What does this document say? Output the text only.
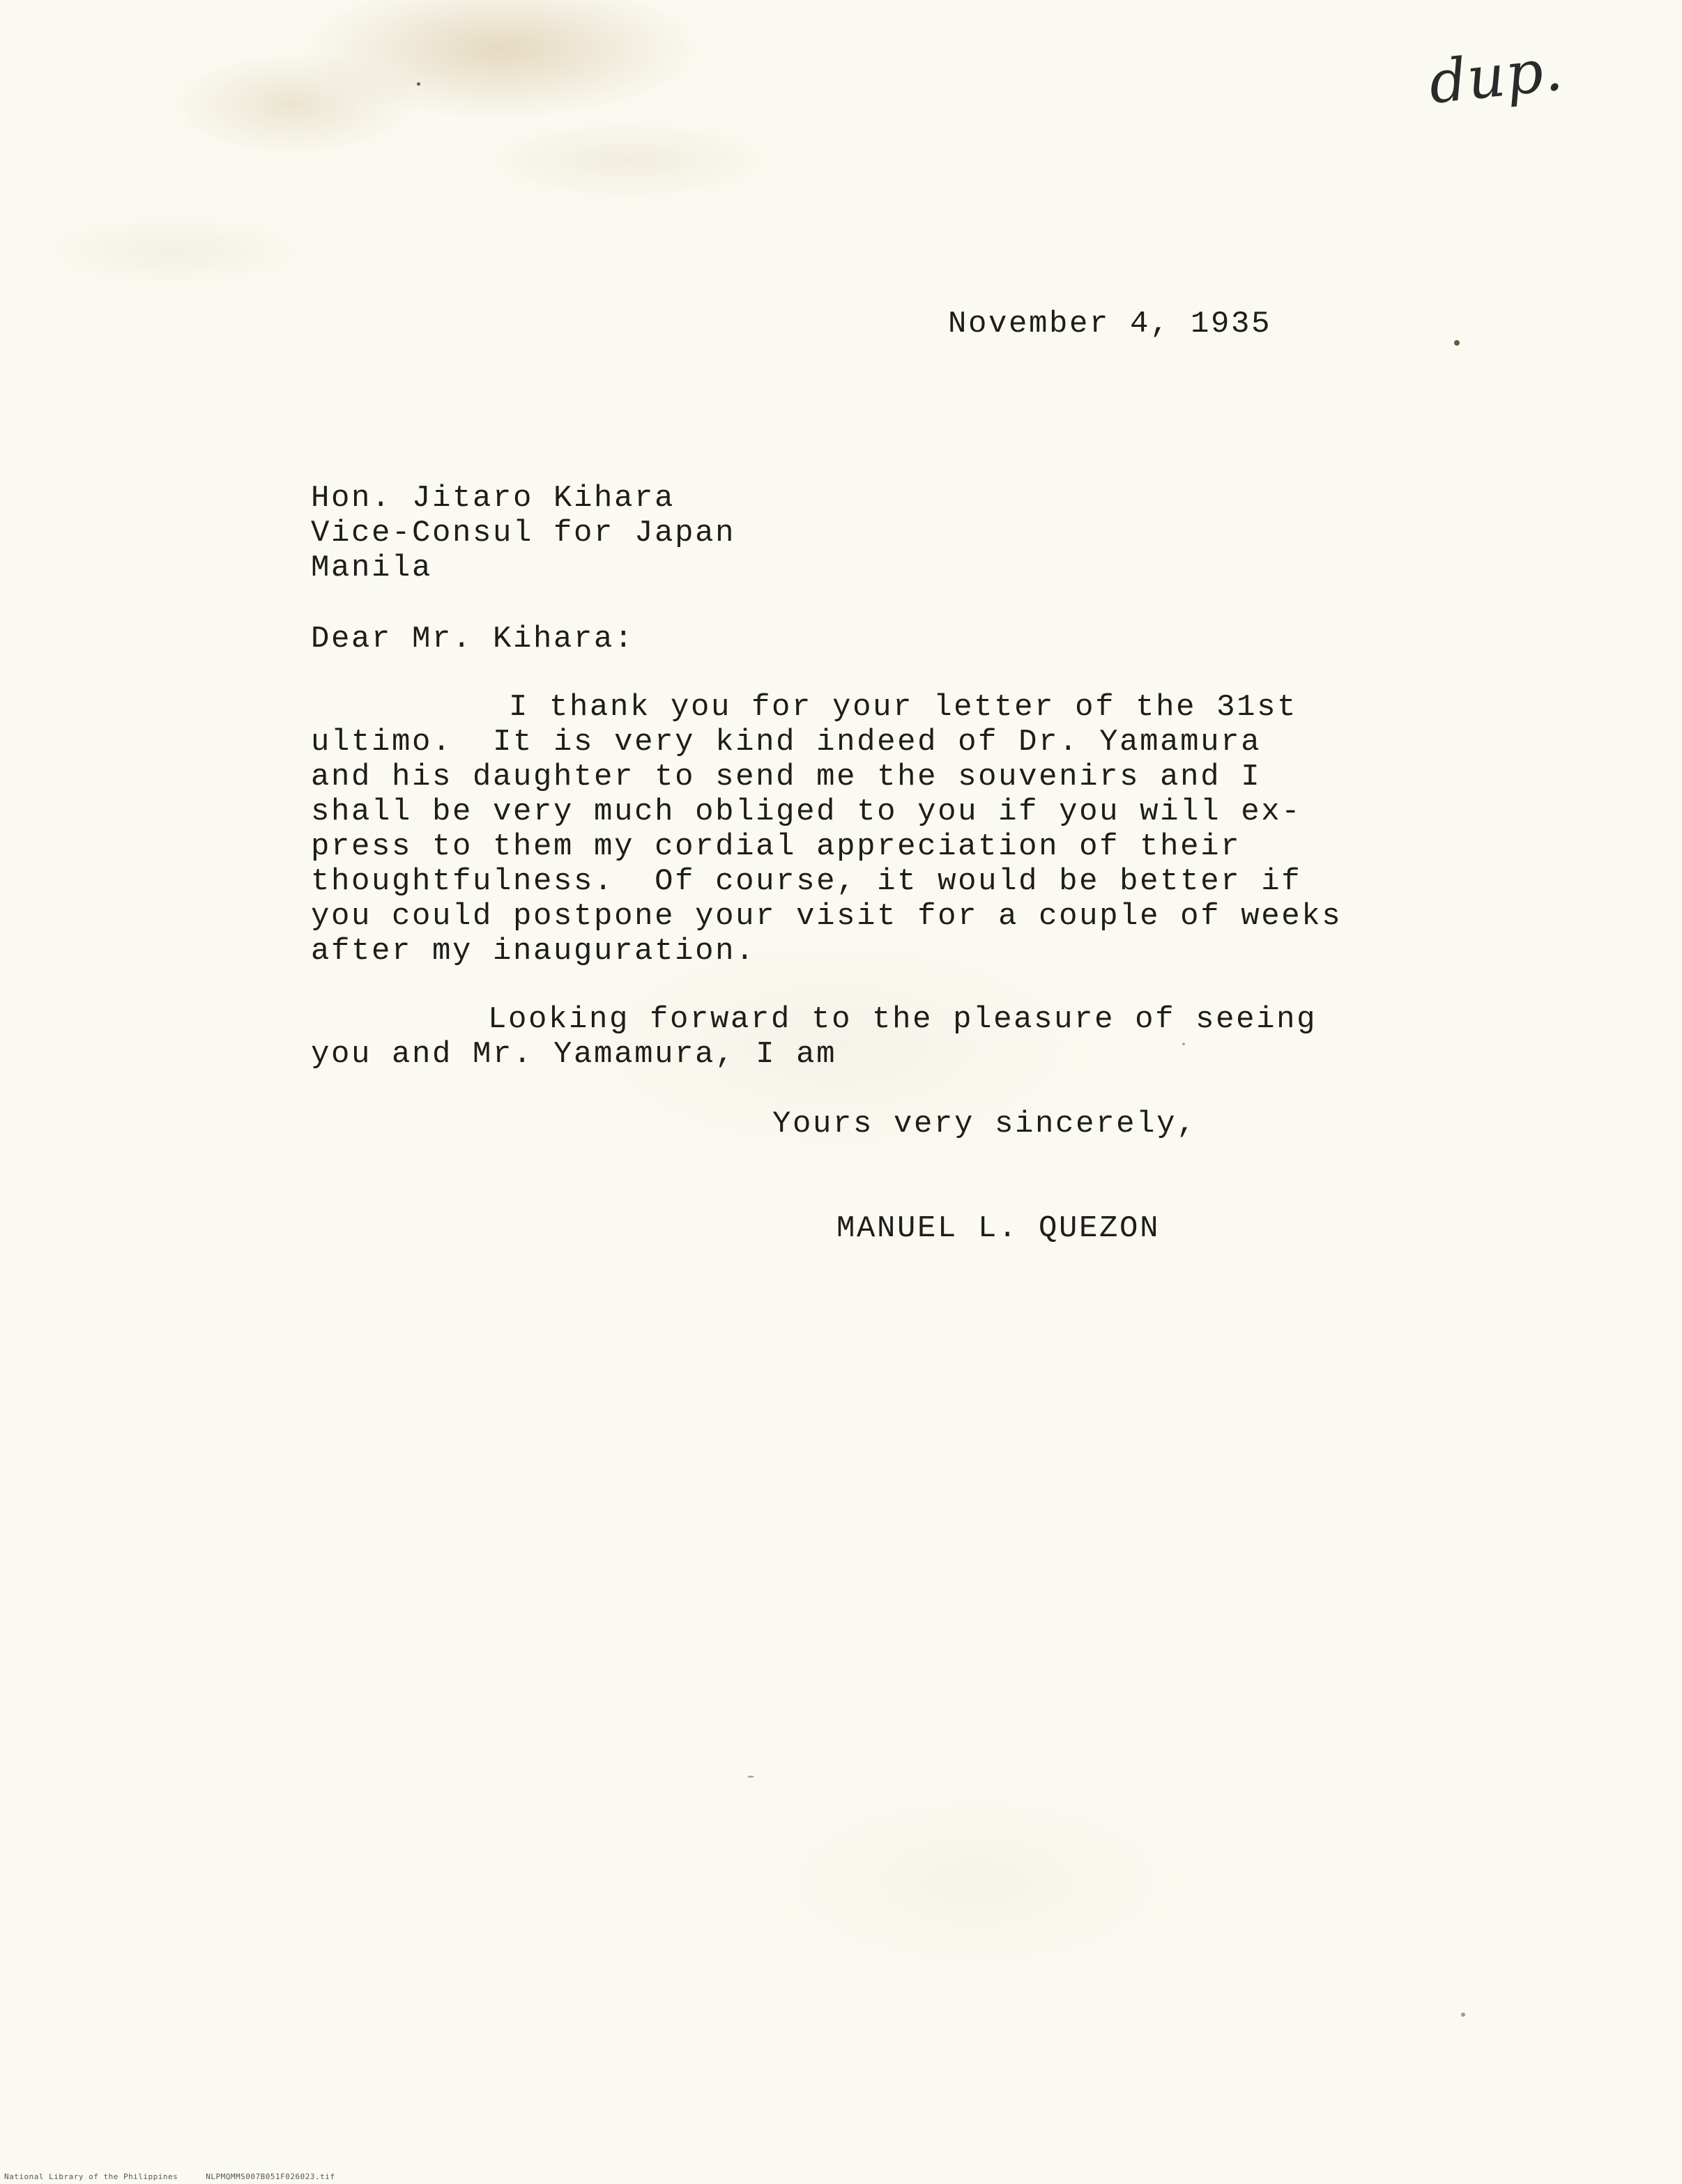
dup.
November 4, 1935
Hon. Jitaro Kihara
Vice-Consul for Japan
Manila
Dear Mr. Kihara:
I thank you for your letter of the 31st
ultimo.  It is very kind indeed of Dr. Yamamura
and his daughter to send me the souvenirs and I
shall be very much obliged to you if you will ex-
press to them my cordial appreciation of their
thoughtfulness.  Of course, it would be better if
you could postpone your visit for a couple of weeks
after my inauguration.
Looking forward to the pleasure of seeing
you and Mr. Yamamura, I am
Yours very sincerely,
MANUEL L. QUEZON
National Library of the Philippines	NLPMQMMS007B051F026023.tif
